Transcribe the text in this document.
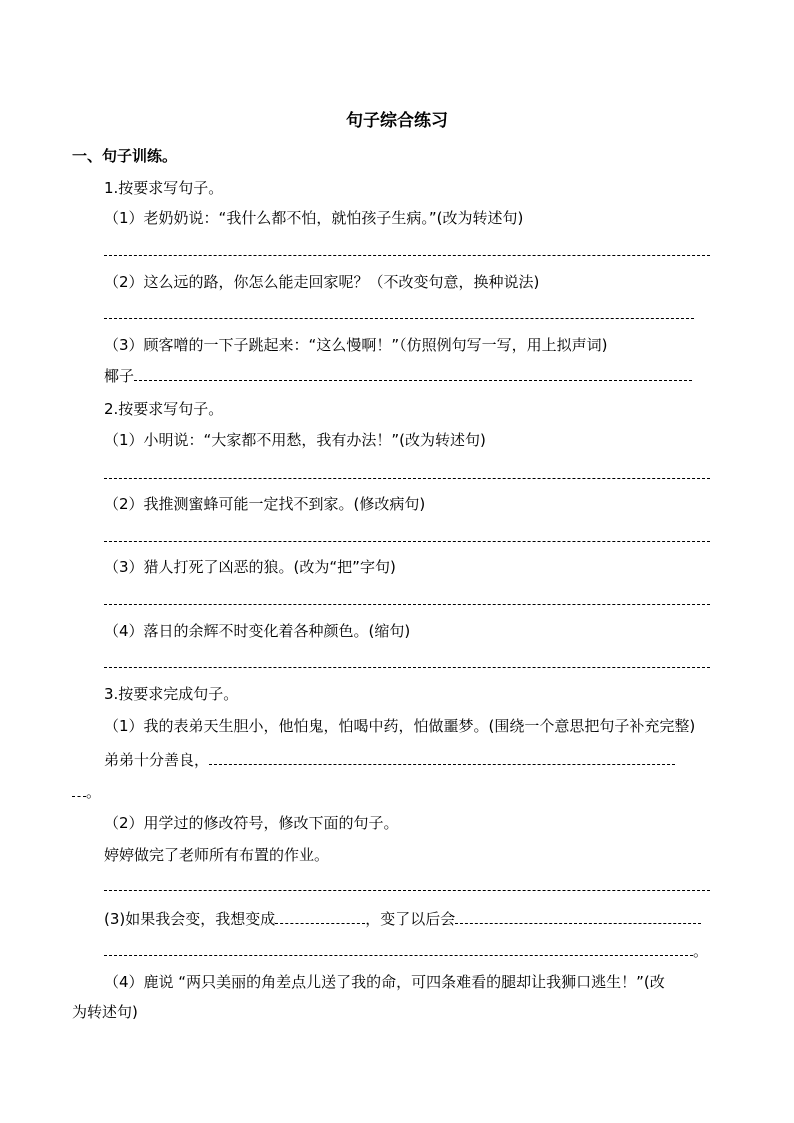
句子综合练习
一、句子训练。
1.按要求写句子。
（1）老奶奶说：“我什么都不怕，就怕孩子生病。”(改为转述句)
（2）这么远的路，你怎么能走回家呢？（不改变句意，换种说法)
（3）顾客噌的一下子跳起来：“这么慢啊！”（仿照例句写一写，用上拟声词)
椰子
2.按要求写句子。
（1）小明说：“大家都不用愁，我有办法！”(改为转述句)
（2）我推测蜜蜂可能一定找不到家。(修改病句)
（3）猎人打死了凶恶的狼。(改为“把”字句)
（4）落日的余辉不时变化着各种颜色。(缩句)
3.按要求完成句子。
（1）我的表弟天生胆小，他怕鬼，怕喝中药，怕做噩梦。(围绕一个意思把句子补充完整)
弟弟十分善良，
。
（2）用学过的修改符号，修改下面的句子。
婷婷做完了老师所有布置的作业。
(3)如果我会变，我想变成	，变了以后会
。
（4）鹿说 “两只美丽的角差点儿送了我的命，可四条难看的腿却让我狮口逃生！”(改
为转述句)
